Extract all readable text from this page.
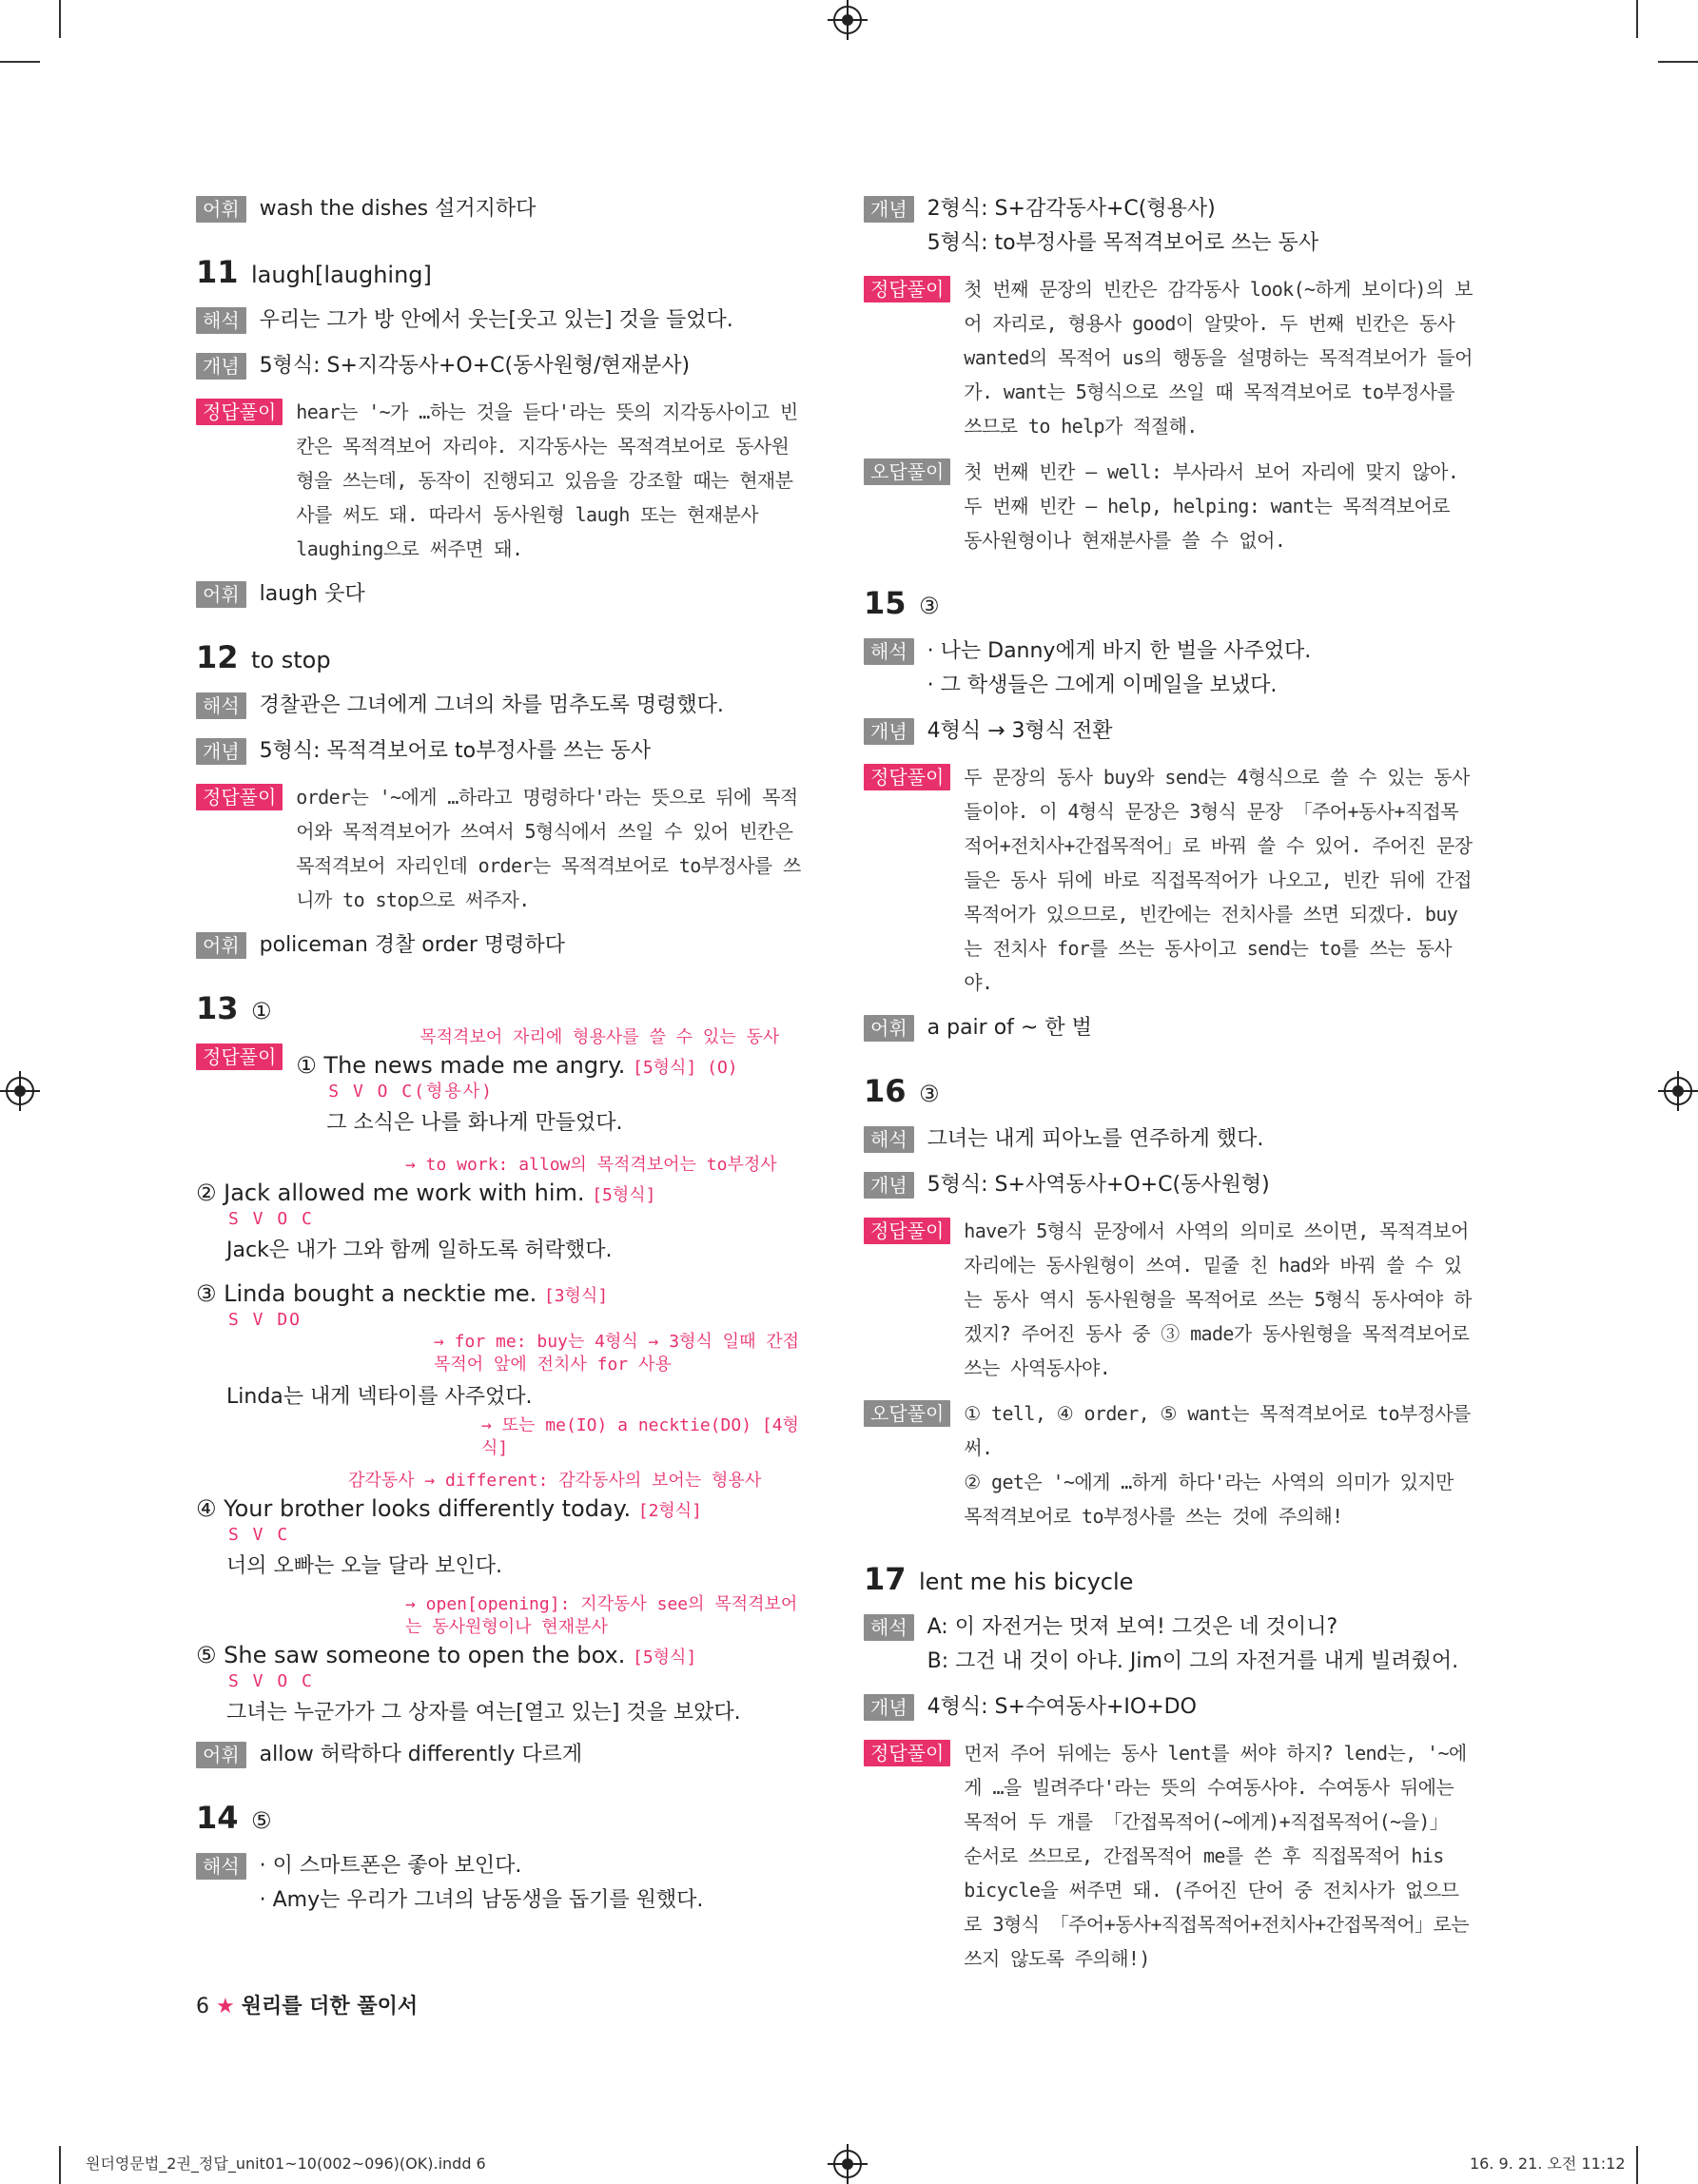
어휘 wash the dishes 설거지하다
11 laugh[laughing]
해석 우리는 그가 방 안에서 웃는[웃고 있는] 것을 들었다.
개념 5형식: S+지각동사+O+C(동사원형/현재분사)
정답풀이	hear는 '~가 …하는 것을 듣다'라는 뜻의 지각동사이고 빈칸은 목적격보어 자리야. 지각동사는 목적격보어로 동사원형을 쓰는데, 동작이 진행되고 있음을 강조할 때는 현재분사를 써도 돼. 따라서 동사원형 laugh 또는 현재분사 laughing으로 써주면 돼.
어휘 laugh 웃다
12 to stop
해석 경찰관은 그녀에게 그녀의 차를 멈추도록 명령했다.
개념 5형식: 목적격보어로 to부정사를 쓰는 동사
정답풀이	order는 '~에게 …하라고 명령하다'라는 뜻으로 뒤에 목적어와 목적격보어가 쓰여서 5형식에서 쓰일 수 있어 빈칸은 목적격보어 자리인데 order는 목적격보어로 to부정사를 쓰니까 to stop으로 써주자.
어휘 policeman 경찰 order 명령하다
13 ①
정답풀이
목적격보어 자리에 형용사를 쓸 수 있는 동사
① The news made me angry. [5형식] (O)
S V O C(형용사)
그 소식은 나를 화나게 만들었다.
→ to work: allow의 목적격보어는 to부정사
② Jack allowed me work with him. [5형식]
S V O C
Jack은 내가 그와 함께 일하도록 허락했다.
③ Linda bought a necktie me. [3형식]
S V DO
→ for me: buy는 4형식 → 3형식 일때 간접목적어 앞에 전치사 for 사용
Linda는 내게 넥타이를 사주었다.
→ 또는 me(IO) a necktie(DO) [4형식]
감각동사 → different: 감각동사의 보어는 형용사
④ Your brother looks differently today. [2형식]
S V C
너의 오빠는 오늘 달라 보인다.
→ open[opening]: 지각동사 see의 목적격보어는 동사원형이나 현재분사
⑤ She saw someone to open the box. [5형식]
S V O C
그녀는 누군가가 그 상자를 여는[열고 있는] 것을 보았다.
어휘 allow 허락하다 differently 다르게
14 ⑤
해석 · 이 스마트폰은 좋아 보인다.
· Amy는 우리가 그녀의 남동생을 돕기를 원했다.
개념 2형식: S+감각동사+C(형용사)
5형식: to부정사를 목적격보어로 쓰는 동사
정답풀이	첫 번째 문장의 빈칸은 감각동사 look(~하게 보이다)의 보어 자리로, 형용사 good이 알맞아. 두 번째 빈칸은 동사 wanted의 목적어 us의 행동을 설명하는 목적격보어가 들어가. want는 5형식으로 쓰일 때 목적격보어로 to부정사를 쓰므로 to help가 적절해.
오답풀이	첫 번째 빈칸 – well: 부사라서 보어 자리에 맞지 않아. 두 번째 빈칸 – help, helping: want는 목적격보어로 동사원형이나 현재분사를 쓸 수 없어.
15 ③
해석 · 나는 Danny에게 바지 한 벌을 사주었다.
· 그 학생들은 그에게 이메일을 보냈다.
개념 4형식 → 3형식 전환
정답풀이	두 문장의 동사 buy와 send는 4형식으로 쓸 수 있는 동사들이야. 이 4형식 문장은 3형식 문장 「주어+동사+직접목적어+전치사+간접목적어」로 바꿔 쓸 수 있어. 주어진 문장들은 동사 뒤에 바로 직접목적어가 나오고, 빈칸 뒤에 간접목적어가 있으므로, 빈칸에는 전치사를 쓰면 되겠다. buy는 전치사 for를 쓰는 동사이고 send는 to를 쓰는 동사야.
어휘 a pair of ~ 한 벌
16 ③
해석 그녀는 내게 피아노를 연주하게 했다.
개념 5형식: S+사역동사+O+C(동사원형)
정답풀이	have가 5형식 문장에서 사역의 의미로 쓰이면, 목적격보어 자리에는 동사원형이 쓰여. 밑줄 친 had와 바꿔 쓸 수 있는 동사 역시 동사원형을 목적어로 쓰는 5형식 동사여야 하겠지? 주어진 동사 중 ③ made가 동사원형을 목적격보어로 쓰는 사역동사야.
오답풀이	① tell, ④ order, ⑤ want는 목적격보어로 to부정사를 써.
② get은 '~에게 …하게 하다'라는 사역의 의미가 있지만 목적격보어로 to부정사를 쓰는 것에 주의해!
17 lent me his bicycle
해석 A: 이 자전거는 멋져 보여! 그것은 네 것이니?
B: 그건 내 것이 아냐. Jim이 그의 자전거를 내게 빌려줬어.
개념 4형식: S+수여동사+IO+DO
정답풀이	먼저 주어 뒤에는 동사 lent를 써야 하지? lend는, '~에게 …을 빌려주다'라는 뜻의 수여동사야. 수여동사 뒤에는 목적어 두 개를 「간접목적어(~에게)+직접목적어(~을)」 순서로 쓰므로, 간접목적어 me를 쓴 후 직접목적어 his bicycle을 써주면 돼. (주어진 단어 중 전치사가 없으므로 3형식 「주어+동사+직접목적어+전치사+간접목적어」로는 쓰지 않도록 주의해!)
6 ★ 원리를 더한 풀이서
원더영문법_2권_정답_unit01~10(002~096)(OK).indd 6	16. 9. 21. 오전 11:12
